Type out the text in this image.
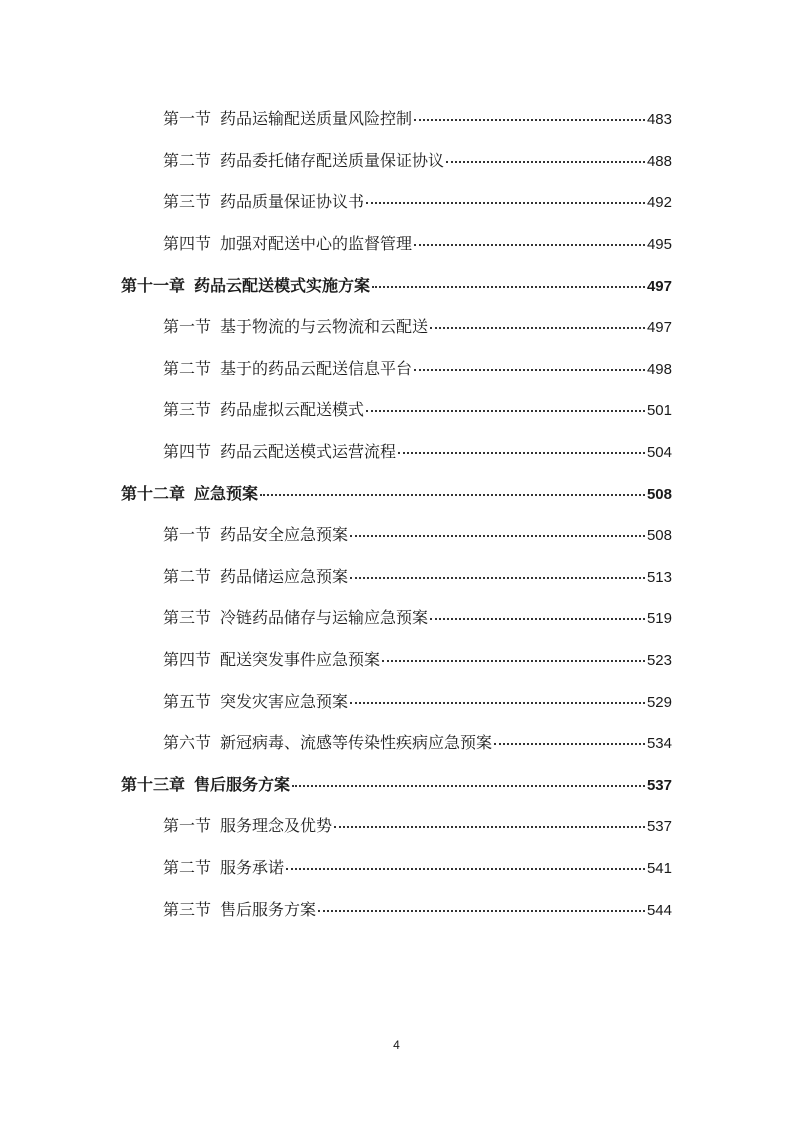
第一节 药品运输配送质量风险控制	483
第二节 药品委托储存配送质量保证协议	488
第三节 药品质量保证协议书	492
第四节 加强对配送中心的监督管理	495
第十一章 药品云配送模式实施方案	497
第一节 基于物流的与云物流和云配送	497
第二节 基于的药品云配送信息平台	498
第三节 药品虚拟云配送模式	501
第四节 药品云配送模式运营流程	504
第十二章 应急预案	508
第一节 药品安全应急预案	508
第二节 药品储运应急预案	513
第三节 冷链药品储存与运输应急预案	519
第四节 配送突发事件应急预案	523
第五节 突发灾害应急预案	529
第六节 新冠病毒、流感等传染性疾病应急预案	534
第十三章 售后服务方案	537
第一节 服务理念及优势	537
第二节 服务承诺	541
第三节 售后服务方案	544
4
